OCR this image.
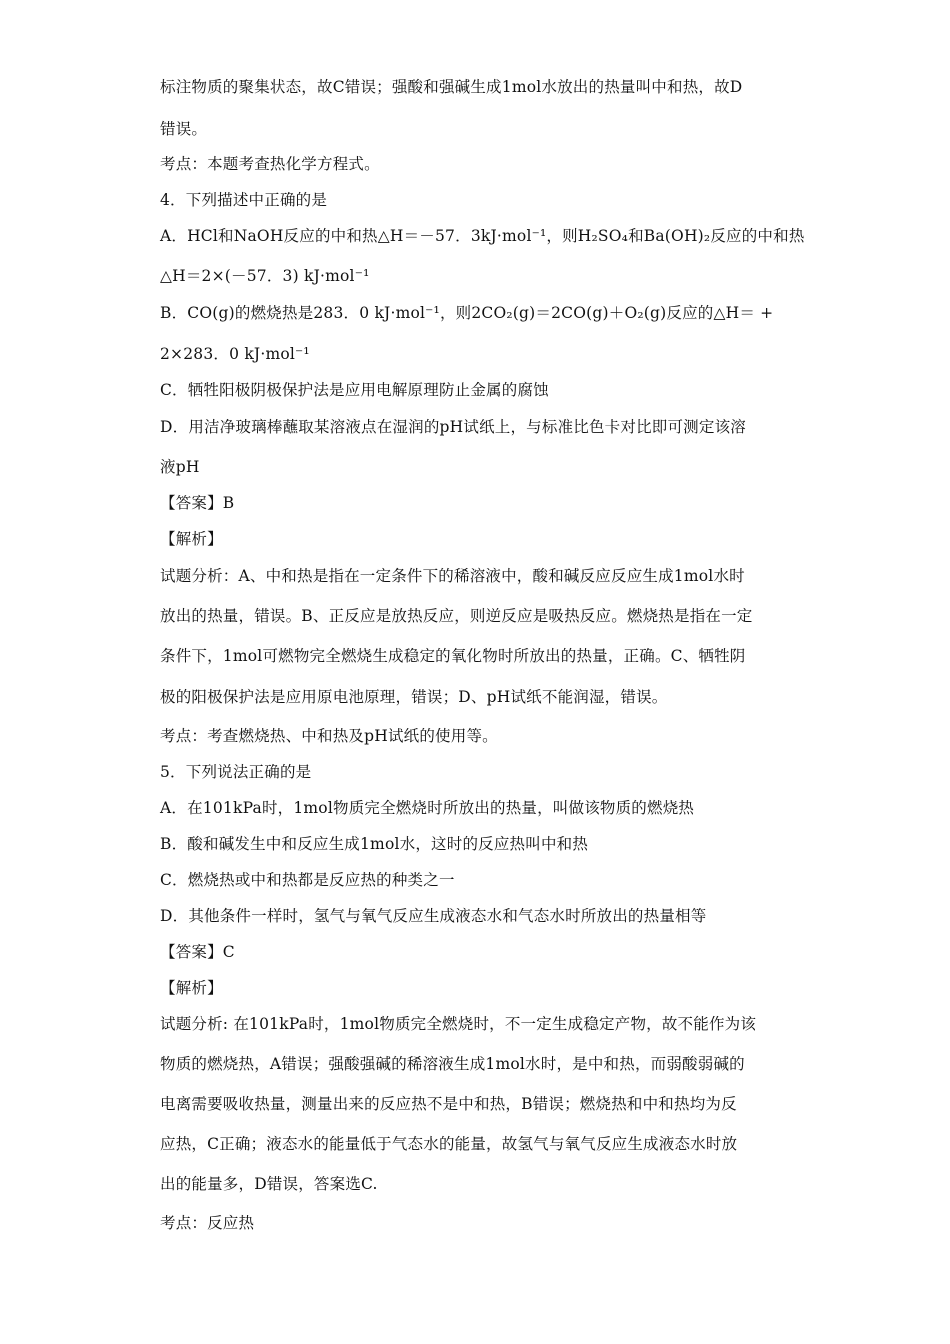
标注物质的聚集状态，故C错误；强酸和强碱生成1mol水放出的热量叫中和热，故D
错误。
考点：本题考查热化学方程式。
4．下列描述中正确的是
A．HCl和NaOH反应的中和热△H＝－57．3kJ·mol⁻¹，则H₂SO₄和Ba(OH)₂反应的中和热
△H＝2×(－57．3) kJ·mol⁻¹
B．CO(g)的燃烧热是283．0 kJ·mol⁻¹，则2CO₂(g)＝2CO(g)＋O₂(g)反应的△H＝ +
2×283．0 kJ·mol⁻¹
C．牺牲阳极阴极保护法是应用电解原理防止金属的腐蚀
D．用洁净玻璃棒蘸取某溶液点在湿润的pH试纸上，与标准比色卡对比即可测定该溶
液pH
【答案】B
【解析】
试题分析：A、中和热是指在一定条件下的稀溶液中，酸和碱反应反应生成1mol水时
放出的热量，错误。B、正反应是放热反应，则逆反应是吸热反应。燃烧热是指在一定
条件下，1mol可燃物完全燃烧生成稳定的氧化物时所放出的热量，正确。C、牺牲阴
极的阳极保护法是应用原电池原理，错误；D、pH试纸不能润湿，错误。
考点：考查燃烧热、中和热及pH试纸的使用等。
5．下列说法正确的是
A．在101kPa时，1mol物质完全燃烧时所放出的热量，叫做该物质的燃烧热
B．酸和碱发生中和反应生成1mol水，这时的反应热叫中和热
C．燃烧热或中和热都是反应热的种类之一
D．其他条件一样时，氢气与氧气反应生成液态水和气态水时所放出的热量相等
【答案】C
【解析】
试题分析: 在101kPa时，1mol物质完全燃烧时，不一定生成稳定产物，故不能作为该
物质的燃烧热，A错误；强酸强碱的稀溶液生成1mol水时，是中和热，而弱酸弱碱的
电离需要吸收热量，测量出来的反应热不是中和热，B错误；燃烧热和中和热均为反
应热，C正确；液态水的能量低于气态水的能量，故氢气与氧气反应生成液态水时放
出的能量多，D错误，答案选C.
考点：反应热
